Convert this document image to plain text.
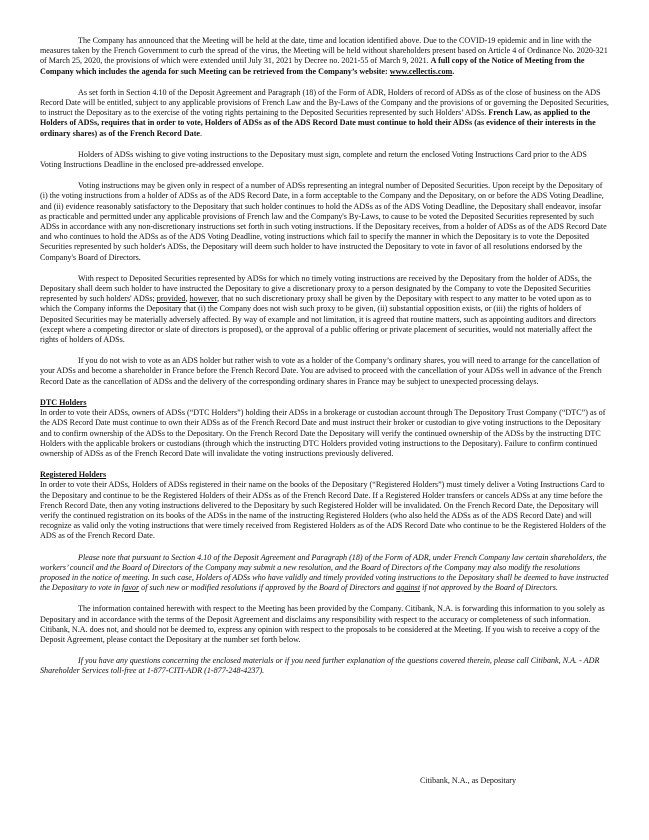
The Company has announced that the Meeting will be held at the date, time and location identified above. Due to the COVID-19 epidemic and in line with the measures taken by the French Government to curb the spread of the virus, the Meeting will be held without shareholders present based on Article 4 of Ordinance No. 2020-321 of March 25, 2020, the provisions of which were extended until July 31, 2021 by Decree no. 2021-55 of March 9, 2021. A full copy of the Notice of Meeting from the Company which includes the agenda for such Meeting can be retrieved from the Company’s website: www.cellectis.com.

As set forth in Section 4.10 of the Deposit Agreement and Paragraph (18) of the Form of ADR, Holders of record of ADSs as of the close of business on the ADS Record Date will be entitled, subject to any applicable provisions of French Law and the By-Laws of the Company and the provisions of or governing the Deposited Securities, to instruct the Depositary as to the exercise of the voting rights pertaining to the Deposited Securities represented by such Holders’ ADSs. French Law, as applied to the Holders of ADSs, requires that in order to vote, Holders of ADSs as of the ADS Record Date must continue to hold their ADSs (as evidence of their interests in the ordinary shares) as of the French Record Date.

Holders of ADSs wishing to give voting instructions to the Depositary must sign, complete and return the enclosed Voting Instructions Card prior to the ADS Voting Instructions Deadline in the enclosed pre-addressed envelope.

Voting instructions may be given only in respect of a number of ADSs representing an integral number of Deposited Securities. Upon receipt by the Depositary of (i) the voting instructions from a holder of ADSs as of the ADS Record Date, in a form acceptable to the Company and the Depositary, on or before the ADS Voting Deadline, and (ii) evidence reasonably satisfactory to the Depositary that such holder continues to hold the ADSs as of the ADS Voting Deadline, the Depositary shall endeavor, insofar as practicable and permitted under any applicable provisions of French law and the Company's By-Laws, to cause to be voted the Deposited Securities represented by such ADSs in accordance with any non-discretionary instructions set forth in such voting instructions. If the Depositary receives, from a holder of ADSs as of the ADS Record Date and who continues to hold the ADSs as of the ADS Voting Deadline, voting instructions which fail to specify the manner in which the Depositary is to vote the Deposited Securities represented by such holder's ADSs, the Depositary will deem such holder to have instructed the Depositary to vote in favor of all resolutions endorsed by the Company's Board of Directors.

With respect to Deposited Securities represented by ADSs for which no timely voting instructions are received by the Depositary from the holder of ADSs, the Depositary shall deem such holder to have instructed the Depositary to give a discretionary proxy to a person designated by the Company to vote the Deposited Securities represented by such holders' ADSs; provided, however, that no such discretionary proxy shall be given by the Depositary with respect to any matter to be voted upon as to which the Company informs the Depositary that (i) the Company does not wish such proxy to be given, (ii) substantial opposition exists, or (iii) the rights of holders of Deposited Securities may be materially adversely affected. By way of example and not limitation, it is agreed that routine matters, such as appointing auditors and directors (except where a competing director or slate of directors is proposed), or the approval of a public offering or private placement of securities, would not materially affect the rights of holders of ADSs.

If you do not wish to vote as an ADS holder but rather wish to vote as a holder of the Company’s ordinary shares, you will need to arrange for the cancellation of your ADSs and become a shareholder in France before the French Record Date. You are advised to proceed with the cancellation of your ADSs well in advance of the French Record Date as the cancellation of ADSs and the delivery of the corresponding ordinary shares in France may be subject to unexpected processing delays.

DTC Holders

In order to vote their ADSs, owners of ADSs (“DTC Holders”) holding their ADSs in a brokerage or custodian account through The Depository Trust Company (“DTC”) as of the ADS Record Date must continue to own their ADSs as of the French Record Date and must instruct their broker or custodian to give voting instructions to the Depositary and to confirm ownership of the ADSs to the Depositary. On the French Record Date the Depositary will verify the continued ownership of the ADSs by the instructing DTC Holders with the applicable brokers or custodians (through which the instructing DTC Holders provided voting instructions to the Depositary). Failure to confirm continued ownership of ADSs as of the French Record Date will invalidate the voting instructions previously delivered.

Registered Holders

In order to vote their ADSs, Holders of ADSs registered in their name on the books of the Depositary (“Registered Holders”) must timely deliver a Voting Instructions Card to the Depositary and continue to be the Registered Holders of their ADSs as of the French Record Date. If a Registered Holder transfers or cancels ADSs at any time before the French Record Date, then any voting instructions delivered to the Depositary by such Registered Holder will be invalidated. On the French Record Date, the Depositary will verify the continued registration on its books of the ADSs in the name of the instructing Registered Holders (who also held the ADSs as of the ADS Record Date) and will recognize as valid only the voting instructions that were timely received from Registered Holders as of the ADS Record Date who continue to be the Registered Holders of the ADS as of the French Record Date.

Please note that pursuant to Section 4.10 of the Deposit Agreement and Paragraph (18) of the Form of ADR, under French Company law certain shareholders, the workers’ council and the Board of Directors of the Company may submit a new resolution, and the Board of Directors of the Company may also modify the resolutions proposed in the notice of meeting. In such case, Holders of ADSs who have validly and timely provided voting instructions to the Depositary shall be deemed to have instructed the Depositary to vote in favor of such new or modified resolutions if approved by the Board of Directors and against if not approved by the Board of Directors.

The information contained herewith with respect to the Meeting has been provided by the Company. Citibank, N.A. is forwarding this information to you solely as Depositary and in accordance with the terms of the Deposit Agreement and disclaims any responsibility with respect to the accuracy or completeness of such information. Citibank, N.A. does not, and should not be deemed to, express any opinion with respect to the proposals to be considered at the Meeting. If you wish to receive a copy of the Deposit Agreement, please contact the Depositary at the number set forth below.

If you have any questions concerning the enclosed materials or if you need further explanation of the questions covered therein, please call Citibank, N.A. - ADR Shareholder Services toll-free at 1-877-CITI-ADR (1-877-248-4237).

Citibank, N.A., as Depositary
